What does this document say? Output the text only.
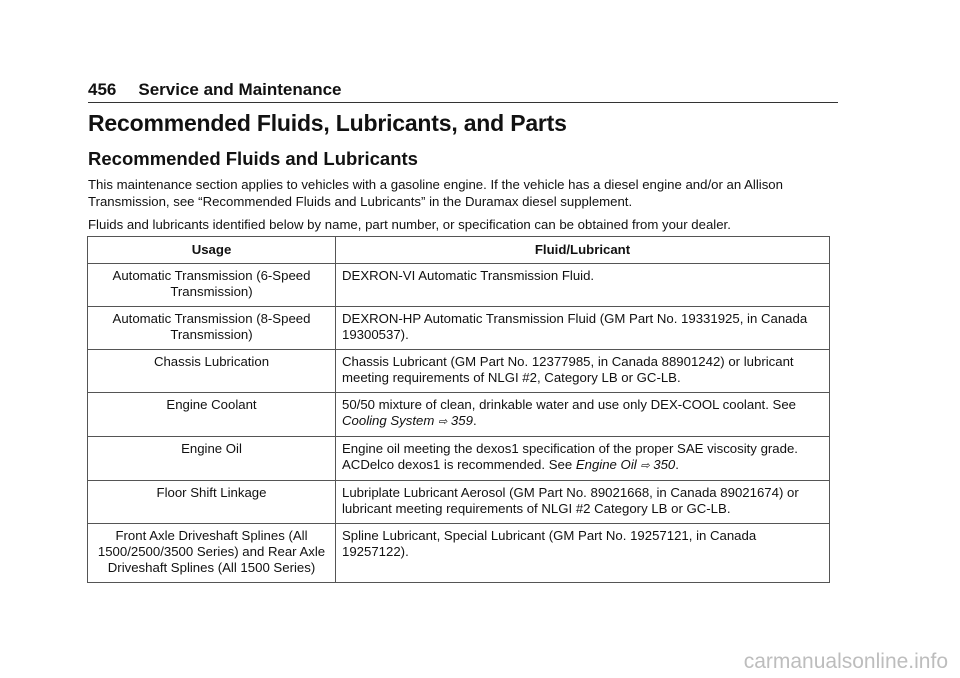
456 Service and Maintenance
Recommended Fluids, Lubricants, and Parts
Recommended Fluids and Lubricants
This maintenance section applies to vehicles with a gasoline engine. If the vehicle has a diesel engine and/or an Allison Transmission, see “Recommended Fluids and Lubricants” in the Duramax diesel supplement.
Fluids and lubricants identified below by name, part number, or specification can be obtained from your dealer.
Usage	Fluid/Lubricant
Automatic Transmission (6-Speed Transmission)	DEXRON-VI Automatic Transmission Fluid.
Automatic Transmission (8-Speed Transmission)	DEXRON-HP Automatic Transmission Fluid (GM Part No. 19331925, in Canada 19300537).
Chassis Lubrication	Chassis Lubricant (GM Part No. 12377985, in Canada 88901242) or lubricant meeting requirements of NLGI #2, Category LB or GC-LB.
Engine Coolant	50/50 mixture of clean, drinkable water and use only DEX-COOL coolant. See Cooling System ⇨ 359.
Engine Oil	Engine oil meeting the dexos1 specification of the proper SAE viscosity grade. ACDelco dexos1 is recommended. See Engine Oil ⇨ 350.
Floor Shift Linkage	Lubriplate Lubricant Aerosol (GM Part No. 89021668, in Canada 89021674) or lubricant meeting requirements of NLGI #2 Category LB or GC-LB.
Front Axle Driveshaft Splines (All 1500/2500/3500 Series) and Rear Axle Driveshaft Splines (All 1500 Series)	Spline Lubricant, Special Lubricant (GM Part No. 19257121, in Canada 19257122).
carmanualsonline.info
